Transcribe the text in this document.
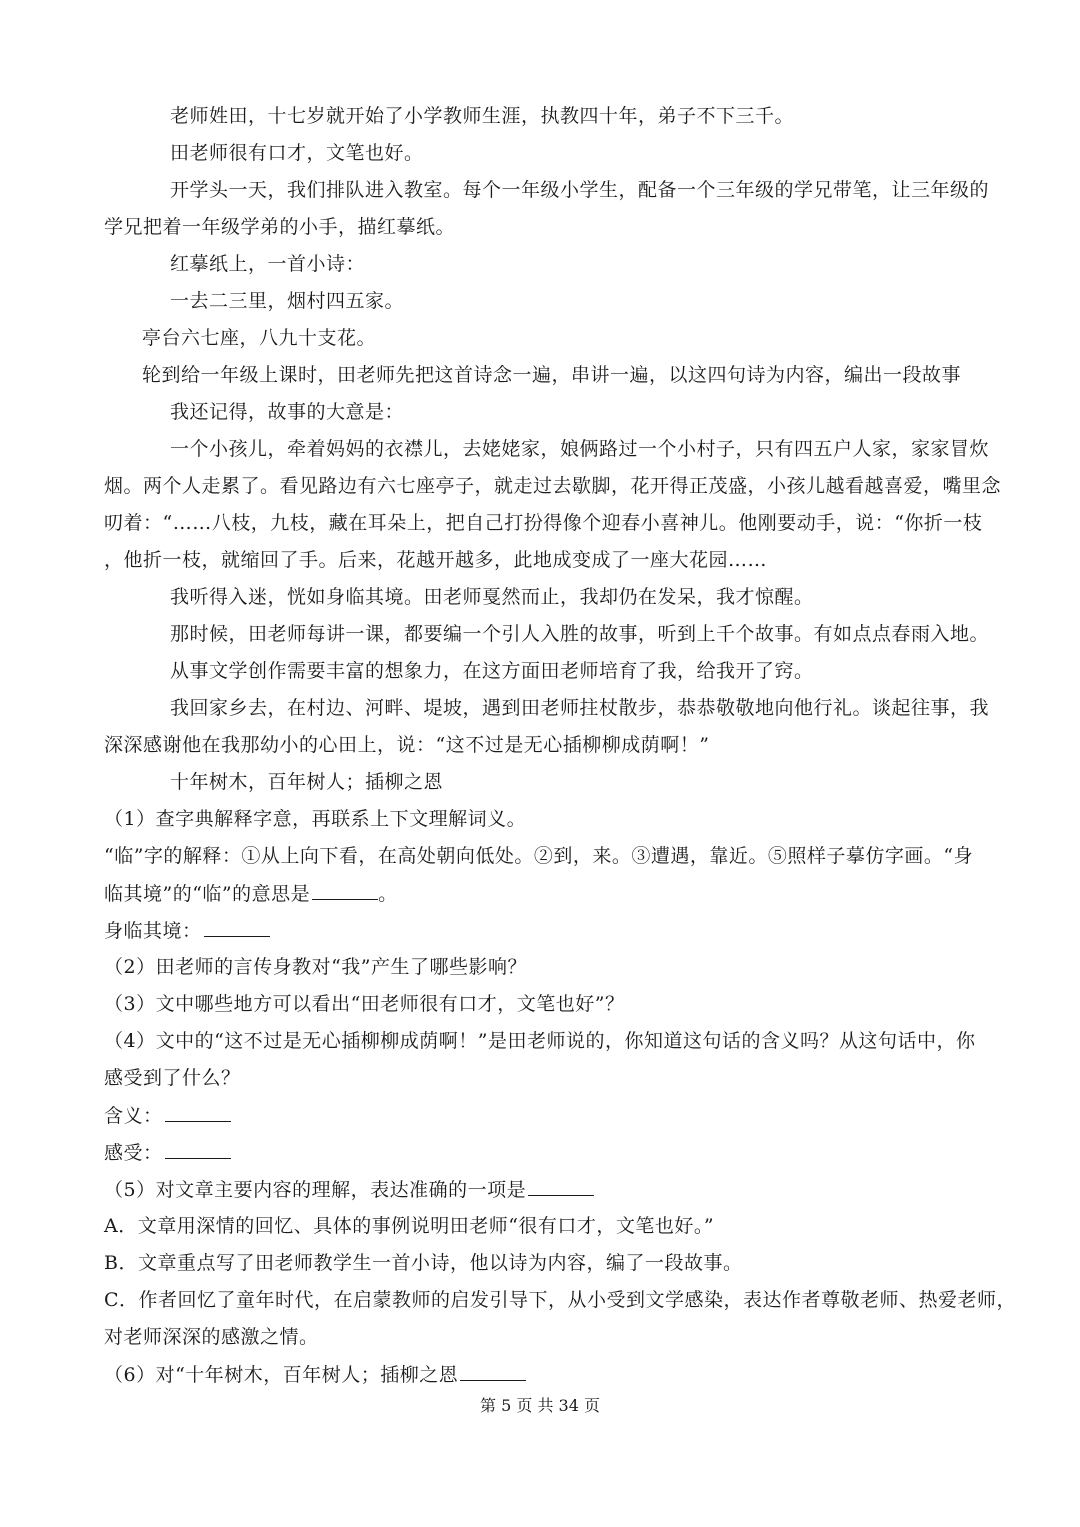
老师姓田，十七岁就开始了小学教师生涯，执教四十年，弟子不下三千。
田老师很有口才，文笔也好。
开学头一天，我们排队进入教室。每个一年级小学生，配备一个三年级的学兄带笔，让三年级的
学兄把着一年级学弟的小手，描红摹纸。
红摹纸上，一首小诗：
一去二三里，烟村四五家。
亭台六七座，八九十支花。
轮到给一年级上课时，田老师先把这首诗念一遍，串讲一遍，以这四句诗为内容，编出一段故事
我还记得，故事的大意是：
一个小孩儿，牵着妈妈的衣襟儿，去姥姥家，娘俩路过一个小村子，只有四五户人家，家家冒炊
烟。两个人走累了。看见路边有六七座亭子，就走过去歇脚，花开得正茂盛，小孩儿越看越喜爱，嘴里念
叨着：“……八枝，九枝，藏在耳朵上，把自己打扮得像个迎春小喜神儿。他刚要动手，说：“你折一枝
，他折一枝，就缩回了手。后来，花越开越多，此地成变成了一座大花园……
我听得入迷，恍如身临其境。田老师戛然而止，我却仍在发呆，我才惊醒。
那时候，田老师每讲一课，都要编一个引人入胜的故事，听到上千个故事。有如点点春雨入地。
从事文学创作需要丰富的想象力，在这方面田老师培育了我，给我开了窍。
我回家乡去，在村边、河畔、堤坡，遇到田老师拄杖散步，恭恭敬敬地向他行礼。谈起往事，我
深深感谢他在我那幼小的心田上，说：“这不过是无心插柳柳成荫啊！”
十年树木，百年树人；插柳之恩
（1）查字典解释字意，再联系上下文理解词义。
“临”字的解释：①从上向下看，在高处朝向低处。②到，来。③遭遇，靠近。⑤照样子摹仿字画。“身
临其境”的“临”的意思是	。
身临其境：
（2）田老师的言传身教对“我”产生了哪些影响？
（3）文中哪些地方可以看出“田老师很有口才，文笔也好”？
（4）文中的“这不过是无心插柳柳成荫啊！”是田老师说的，你知道这句话的含义吗？从这句话中，你
感受到了什么？
含义：
感受：
（5）对文章主要内容的理解，表达准确的一项是
A．文章用深情的回忆、具体的事例说明田老师“很有口才，文笔也好。”
B．文章重点写了田老师教学生一首小诗，他以诗为内容，编了一段故事。
C．作者回忆了童年时代，在启蒙教师的启发引导下，从小受到文学感染，表达作者尊敬老师、热爱老师，
对老师深深的感激之情。
（6）对“十年树木，百年树人；插柳之恩
第 5 页 共 34 页
